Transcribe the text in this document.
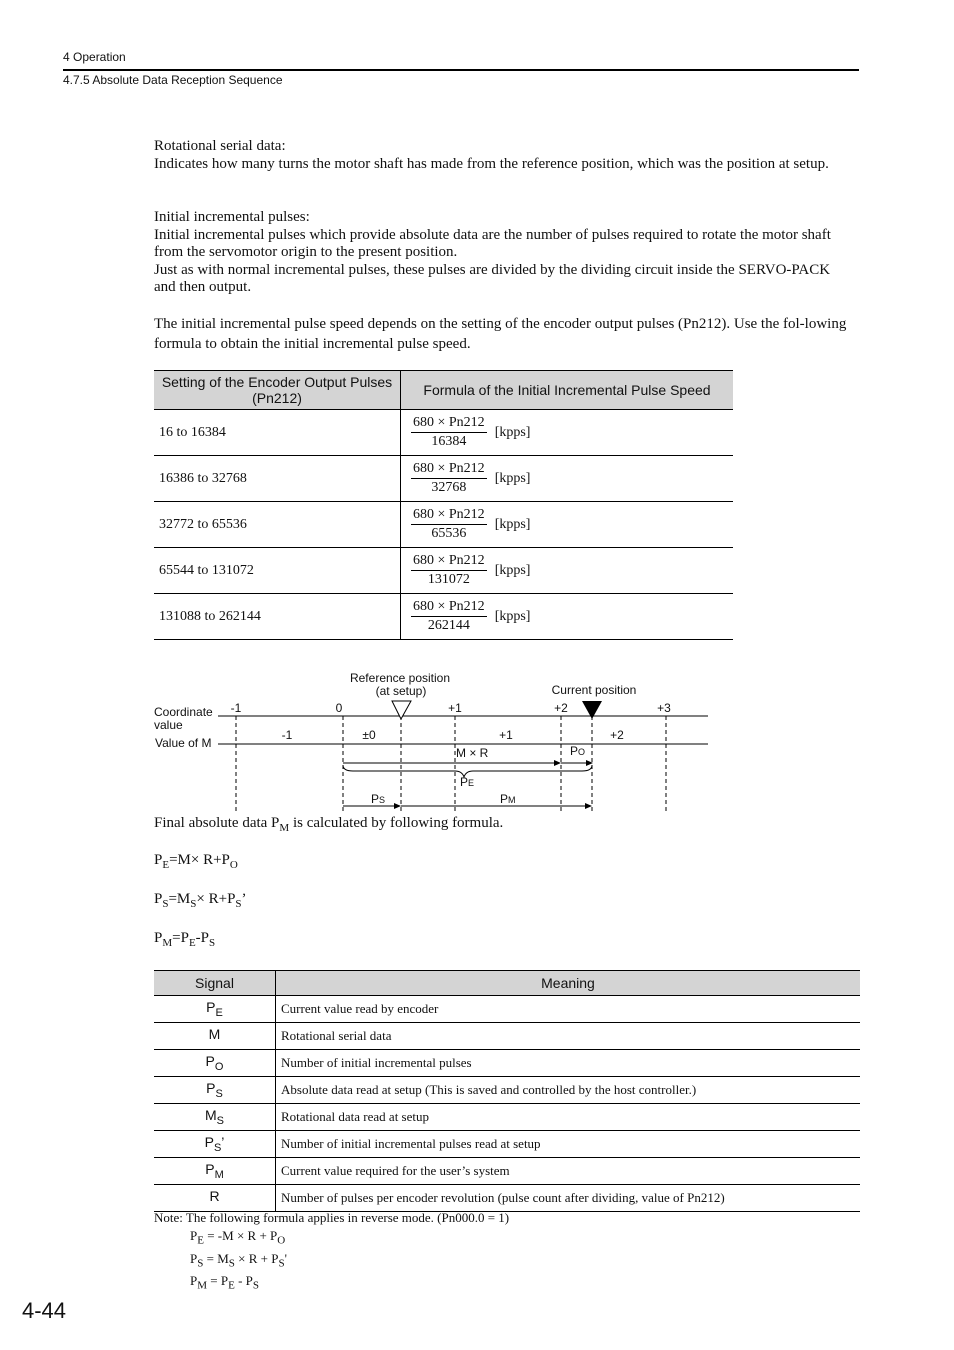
4 Operation
4.7.5 Absolute Data Reception Sequence

Rotational serial data:

Indicates how many turns the motor shaft has made from the reference position, which was the position at setup.

Initial incremental pulses:

Initial incremental pulses which provide absolute data are the number of pulses required to rotate the motor shaft from the servomotor origin to the present position.

Just as with normal incremental pulses, these pulses are divided by the dividing circuit inside the SERVO-PACK and then output.

The initial incremental pulse speed depends on the setting of the encoder output pulses (Pn212). Use the fol-lowing formula to obtain the initial incremental pulse speed.

Setting of the Encoder Output Pulses (Pn212)	Formula of the Initial Incremental Pulse Speed
16 to 16384	$\frac{680 \times Pn212}{16384}$ [kpps]
16386 to 32768	$\frac{680 \times Pn212}{32768}$ [kpps]
32772 to 65536	$\frac{680 \times Pn212}{65536}$ [kpps]
65544 to 131072	$\frac{680 \times Pn212}{131072}$ [kpps]
131088 to 262144	$\frac{680 \times Pn212}{262144}$ [kpps]
Reference position
(at setup)	Current position
Coordinate
value
Value of M
-1	0	+1	+2	+3
-1	±0	+1	+2
M × R	PO
PE
PS	PM
Final absolute data $P_M$ is calculated by following formula.
$P_E=M\times R+P_O$
$P_S=M_S\times R+P_S$’
$P_M=P_E-P_S$
Signal	Meaning
$P_E$	Current value read by encoder
M	Rotational serial data
$P_O$	Number of initial incremental pulses
$P_S$	Absolute data read at setup (This is saved and controlled by the host controller.)
$M_S$	Rotational data read at setup
$P_S$’	Number of initial incremental pulses read at setup
$P_M$	Current value required for the user’s system
R	Number of pulses per encoder revolution (pulse count after dividing, value of Pn212)
Note: The following formula applies in reverse mode. (Pn000.0 = 1)
$P_E = -M \times R + P_O$
$P_S = M_S \times R + P_S'$
$P_M = P_E - P_S$
4-44
